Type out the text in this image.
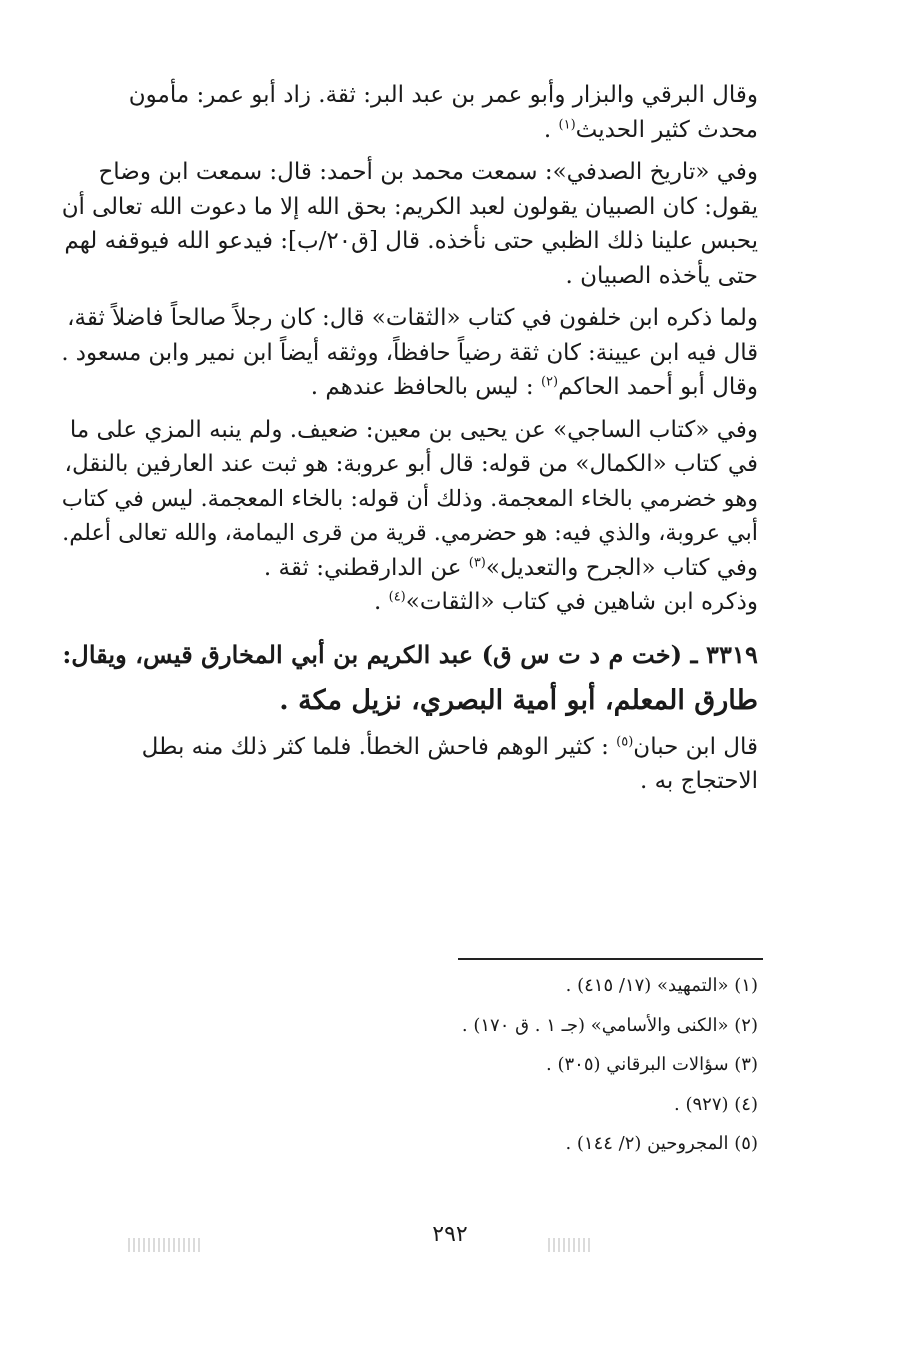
وقال البرقي والبزار وأبو عمر بن عبد البر: ثقة. زاد أبو عمر: مأمون
محدث كثير الحديث$^{(١)}$ .
وفي «تاريخ الصدفي»: سمعت محمد بن أحمد: قال: سمعت ابن وضاح
يقول: كان الصبيان يقولون لعبد الكريم: بحق الله إلا ما دعوت الله تعالى أن
يحبس علينا ذلك الظبي حتى نأخذه. قال [ق٢٠/ب]: فيدعو الله فيوقفه لهم
حتى يأخذه الصبيان .
ولما ذكره ابن خلفون في كتاب «الثقات» قال: كان رجلاً صالحاً فاضلاً ثقة،
قال فيه ابن عيينة: كان ثقة رضياً حافظاً، ووثقه أيضاً ابن نمير وابن مسعود .
وقال أبو أحمد الحاكم$^{(٢)}$ : ليس بالحافظ عندهم .
وفي «كتاب الساجي» عن يحيى بن معين: ضعيف. ولم ينبه المزي على ما
في كتاب «الكمال» من قوله: قال أبو عروبة: هو ثبت عند العارفين بالنقل،
وهو خضرمي بالخاء المعجمة. وذلك أن قوله: بالخاء المعجمة. ليس في كتاب
أبي عروبة، والذي فيه: هو حضرمي. قرية من قرى اليمامة، والله تعالى أعلم.
وفي كتاب «الجرح والتعديل»$^{(٣)}$ عن الدارقطني: ثقة .
وذكره ابن شاهين في كتاب «الثقات»$^{(٤)}$ .
٣٣١٩ ـ (خت م د ت س ق) عبد الكريم بن أبي المخارق قيس، ويقال:
طارق المعلم، أبو أمية البصري، نزيل مكة .
قال ابن حبان$^{(٥)}$ : كثير الوهم فاحش الخطأ. فلما كثر ذلك منه بطل
الاحتجاج به .
(١) «التمهيد» (١٧/ ٤١٥) .
(٢) «الكنى والأسامي» (جـ ١ . ق ١٧٠) .
(٣) سؤالات البرقاني (٣٠٥) .
(٤) (٩٢٧) .
(٥) المجروحين (٢/ ١٤٤) .
٢٩٢
